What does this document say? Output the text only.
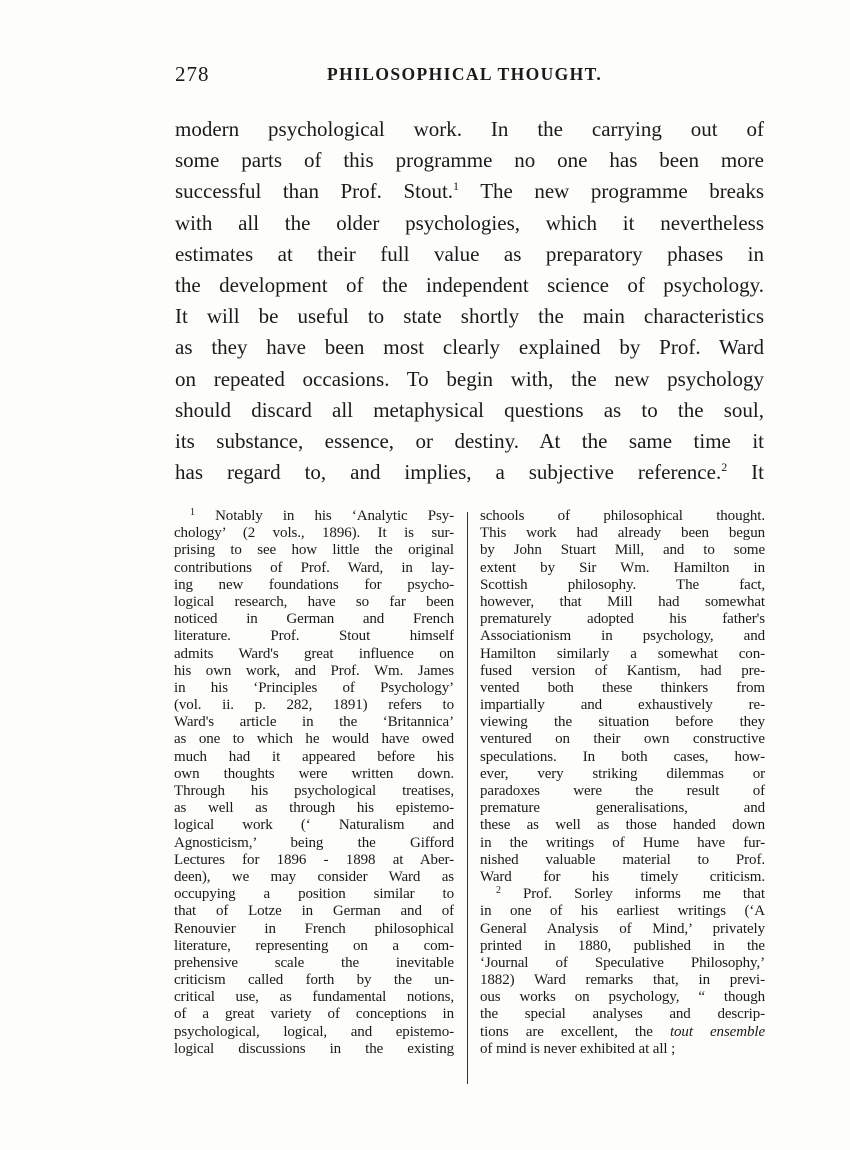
278	PHILOSOPHICAL THOUGHT.
modern psychological work. In the carrying out of
some parts of this programme no one has been more
successful than Prof. Stout.$^1$ The new programme breaks
with all the older psychologies, which it nevertheless
estimates at their full value as preparatory phases in
the development of the independent science of psychology.
It will be useful to state shortly the main characteristics
as they have been most clearly explained by Prof. Ward
on repeated occasions. To begin with, the new psychology
should discard all metaphysical questions as to the soul,
its substance, essence, or destiny. At the same time it
has regard to, and implies, a subjective reference.$^2$ It
$^1$ Notably in his ‘Analytic Psy-
chology’ (2 vols., 1896). It is sur-
prising to see how little the original
contributions of Prof. Ward, in lay-
ing new foundations for psycho-
logical research, have so far been
noticed in German and French
literature. Prof. Stout himself
admits Ward's great influence on
his own work, and Prof. Wm. James
in his ‘Principles of Psychology’
(vol. ii. p. 282, 1891) refers to
Ward's article in the ‘Britannica’
as one to which he would have owed
much had it appeared before his
own thoughts were written down.
Through his psychological treatises,
as well as through his epistemo-
logical work (‘ Naturalism and
Agnosticism,’ being the Gifford
Lectures for 1896 - 1898 at Aber-
deen), we may consider Ward as
occupying a position similar to
that of Lotze in German and of
Renouvier in French philosophical
literature, representing on a com-
prehensive scale the inevitable
criticism called forth by the un-
critical use, as fundamental notions,
of a great variety of conceptions in
psychological, logical, and epistemo-
logical discussions in the existing
schools of philosophical thought.
This work had already been begun
by John Stuart Mill, and to some
extent by Sir Wm. Hamilton in
Scottish philosophy. The fact,
however, that Mill had somewhat
prematurely adopted his father's
Associationism in psychology, and
Hamilton similarly a somewhat con-
fused version of Kantism, had pre-
vented both these thinkers from
impartially and exhaustively re-
viewing the situation before they
ventured on their own constructive
speculations. In both cases, how-
ever, very striking dilemmas or
paradoxes were the result of
premature generalisations, and
these as well as those handed down
in the writings of Hume have fur-
nished valuable material to Prof.
Ward for his timely criticism.
$^2$ Prof. Sorley informs me that
in one of his earliest writings (‘A
General Analysis of Mind,’ privately
printed in 1880, published in the
‘Journal of Speculative Philosophy,’
1882) Ward remarks that, in previ-
ous works on psychology, “ though
the special analyses and descrip-
tions are excellent, the tout ensemble
of mind is never exhibited at all ;
